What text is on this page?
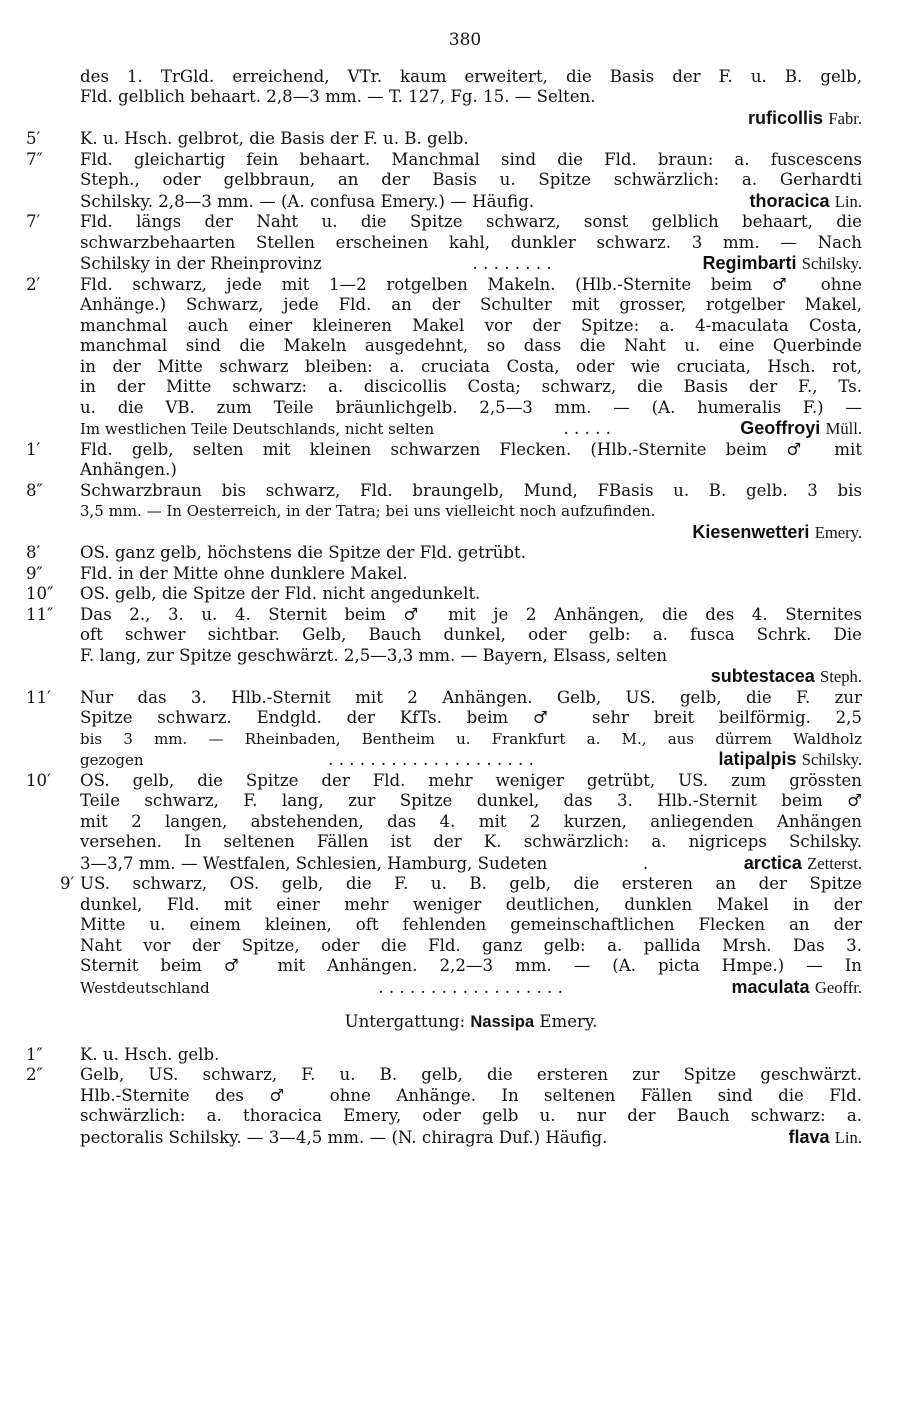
380
des 1. TrGld. erreichend, VTr. kaum erweitert, die Basis der F. u. B. gelb,
Fld. gelblich behaart. 2,8—3 mm. — T. 127, Fg. 15. — Selten.
ruficollis Fabr.
5′	K. u. Hsch. gelbrot, die Basis der F. u. B. gelb.
7″	Fld. gleichartig fein behaart. Manchmal sind die Fld. braun: a. fuscescens
Steph., oder gelbbraun, an der Basis u. Spitze schwärzlich: a. Gerhardti
Schilsky. 2,8—3 mm. — (A. confusa Emery.) — Häufig.	thoracica Lin.
7′	Fld. längs der Naht u. die Spitze schwarz, sonst gelblich behaart, die
schwarzbehaarten Stellen erscheinen kahl, dunkler schwarz. 3 mm. — Nach
Schilsky in der Rheinprovinz	. . . . . . . .	Regimbarti Schilsky.
2′	Fld. schwarz, jede mit 1—2 rotgelben Makeln. (Hlb.-Sternite beim ♂ ohne
Anhänge.) Schwarz, jede Fld. an der Schulter mit grosser, rotgelber Makel,
manchmal auch einer kleineren Makel vor der Spitze: a. 4-maculata Costa,
manchmal sind die Makeln ausgedehnt, so dass die Naht u. eine Querbinde
in der Mitte schwarz bleiben: a. cruciata Costa, oder wie cruciata, Hsch. rot,
in der Mitte schwarz: a. discicollis Costa; schwarz, die Basis der F., Ts.
u. die VB. zum Teile bräunlichgelb. 2,5—3 mm. — (A. humeralis F.) —
Im westlichen Teile Deutschlands, nicht selten	. . . . .	Geoffroyi Müll.
1′	Fld. gelb, selten mit kleinen schwarzen Flecken. (Hlb.-Sternite beim ♂ mit
Anhängen.)
8″	Schwarzbraun bis schwarz, Fld. braungelb, Mund, FBasis u. B. gelb. 3 bis
3,5 mm. — In Oesterreich, in der Tatra; bei uns vielleicht noch aufzufinden.
Kiesenwetteri Emery.
8′	OS. ganz gelb, höchstens die Spitze der Fld. getrübt.
9″	Fld. in der Mitte ohne dunklere Makel.
10″	OS. gelb, die Spitze der Fld. nicht angedunkelt.
11″	Das 2., 3. u. 4. Sternit beim ♂ mit je 2 Anhängen, die des 4. Sternites
oft schwer sichtbar. Gelb, Bauch dunkel, oder gelb: a. fusca Schrk. Die
F. lang, zur Spitze geschwärzt. 2,5—3,3 mm. — Bayern, Elsass, selten
subtestacea Steph.
11′	Nur das 3. Hlb.-Sternit mit 2 Anhängen. Gelb, US. gelb, die F. zur
Spitze schwarz. Endgld. der KfTs. beim ♂ sehr breit beilförmig. 2,5
bis 3 mm. — Rheinbaden, Bentheim u. Frankfurt a. M., aus dürrem Waldholz
gezogen	. . . . . . . . . . . . . . . . . . . .	latipalpis Schilsky.
10′	OS. gelb, die Spitze der Fld. mehr weniger getrübt, US. zum grössten
Teile schwarz, F. lang, zur Spitze dunkel, das 3. Hlb.-Sternit beim ♂
mit 2 langen, abstehenden, das 4. mit 2 kurzen, anliegenden Anhängen
versehen. In seltenen Fällen ist der K. schwärzlich: a. nigriceps Schilsky.
3—3,7 mm. — Westfalen, Schlesien, Hamburg, Sudeten	.	arctica Zetterst.
9′ US. schwarz, OS. gelb, die F. u. B. gelb, die ersteren an der Spitze
dunkel, Fld. mit einer mehr weniger deutlichen, dunklen Makel in der
Mitte u. einem kleinen, oft fehlenden gemeinschaftlichen Flecken an der
Naht vor der Spitze, oder die Fld. ganz gelb: a. pallida Mrsh. Das 3.
Sternit beim ♂ mit Anhängen. 2,2—3 mm. — (A. picta Hmpe.) — In
Westdeutschland	. . . . . . . . . . . . . . . . . .	maculata Geoffr.
Untergattung: Nassipa Emery.
1″	K. u. Hsch. gelb.
2″	Gelb, US. schwarz, F. u. B. gelb, die ersteren zur Spitze geschwärzt.
Hlb.-Sternite des ♂ ohne Anhänge. In seltenen Fällen sind die Fld.
schwärzlich: a. thoracica Emery, oder gelb u. nur der Bauch schwarz: a.
pectoralis Schilsky. — 3—4,5 mm. — (N. chiragra Duf.) Häufig.	flava Lin.
